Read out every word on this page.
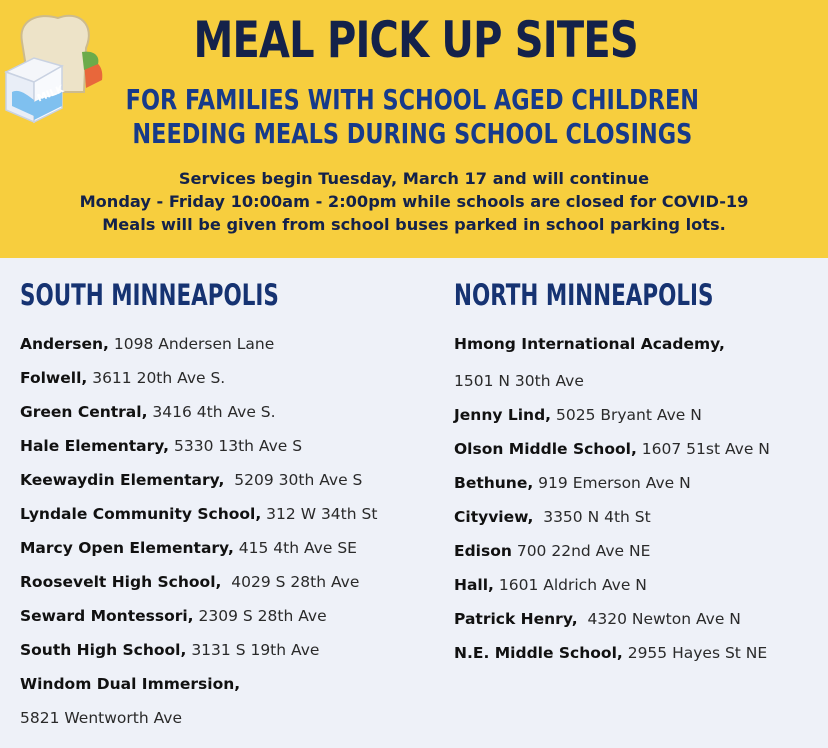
MILK
MEAL PICK UP SITES
FOR FAMILIES WITH SCHOOL AGED CHILDREN
NEEDING MEALS DURING SCHOOL CLOSINGS
Services begin Tuesday, March 17 and will continue
Monday - Friday 10:00am - 2:00pm while schools are closed for COVID-19
Meals will be given from school buses parked in school parking lots.
SOUTH MINNEAPOLIS
Andersen, 1098 Andersen Lane
Folwell, 3611 20th Ave S.
Green Central, 3416 4th Ave S.
Hale Elementary, 5330 13th Ave S
Keewaydin Elementary,  5209 30th Ave S
Lyndale Community School, 312 W 34th St
Marcy Open Elementary, 415 4th Ave SE
Roosevelt High School,  4029 S 28th Ave
Seward Montessori, 2309 S 28th Ave
South High School, 3131 S 19th Ave
Windom Dual Immersion,
5821 Wentworth Ave
NORTH MINNEAPOLIS
Hmong International Academy,
1501 N 30th Ave
Jenny Lind, 5025 Bryant Ave N
Olson Middle School, 1607 51st Ave N
Bethune, 919 Emerson Ave N
Cityview,  3350 N 4th St
Edison 700 22nd Ave NE
Hall, 1601 Aldrich Ave N
Patrick Henry,  4320 Newton Ave N
N.E. Middle School, 2955 Hayes St NE
